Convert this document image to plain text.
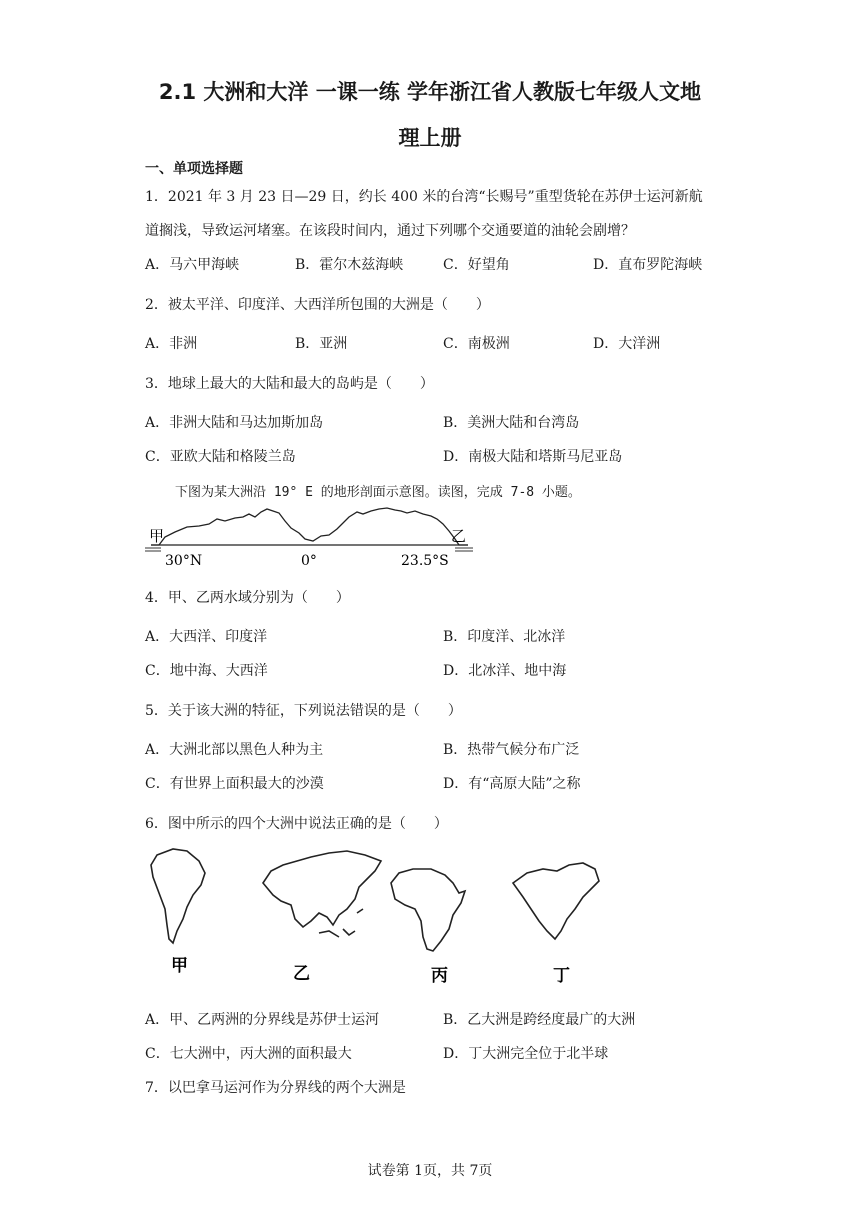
2.1 大洲和大洋 一课一练 学年浙江省人教版七年级人文地
理上册
一、单项选择题
1．2021 年 3 月 23 日—29 日，约长 400 米的台湾“长赐号”重型货轮在苏伊士运河新航
道搁浅，导致运河堵塞。在该段时间内，通过下列哪个交通要道的油轮会剧增？
A．马六甲海峡	B．霍尔木兹海峡	C．好望角	D．直布罗陀海峡
2．被太平洋、印度洋、大西洋所包围的大洲是（　　）
A．非洲	B．亚洲	C．南极洲	D．大洋洲
3．地球上最大的大陆和最大的岛屿是（　　）
A．非洲大陆和马达加斯加岛	B．美洲大陆和台湾岛
C．亚欧大陆和格陵兰岛	D．南极大陆和塔斯马尼亚岛
下图为某大洲沿 19° E 的地形剖面示意图。读图，完成 7-8 小题。
甲	乙
30°N	0°	23.5°S
4．甲、乙两水域分别为（　　）
A．大西洋、印度洋	B．印度洋、北冰洋
C．地中海、大西洋	D．北冰洋、地中海
5．关于该大洲的特征，下列说法错误的是（　　）
A．大洲北部以黑色人种为主	B．热带气候分布广泛
C．有世界上面积最大的沙漠	D．有“高原大陆”之称
6．图中所示的四个大洲中说法正确的是（　　）
甲	乙	丙	丁
A．甲、乙两洲的分界线是苏伊士运河	B．乙大洲是跨经度最广的大洲
C．七大洲中，丙大洲的面积最大	D．丁大洲完全位于北半球
7．以巴拿马运河作为分界线的两个大洲是
试卷第 1页，共 7页
